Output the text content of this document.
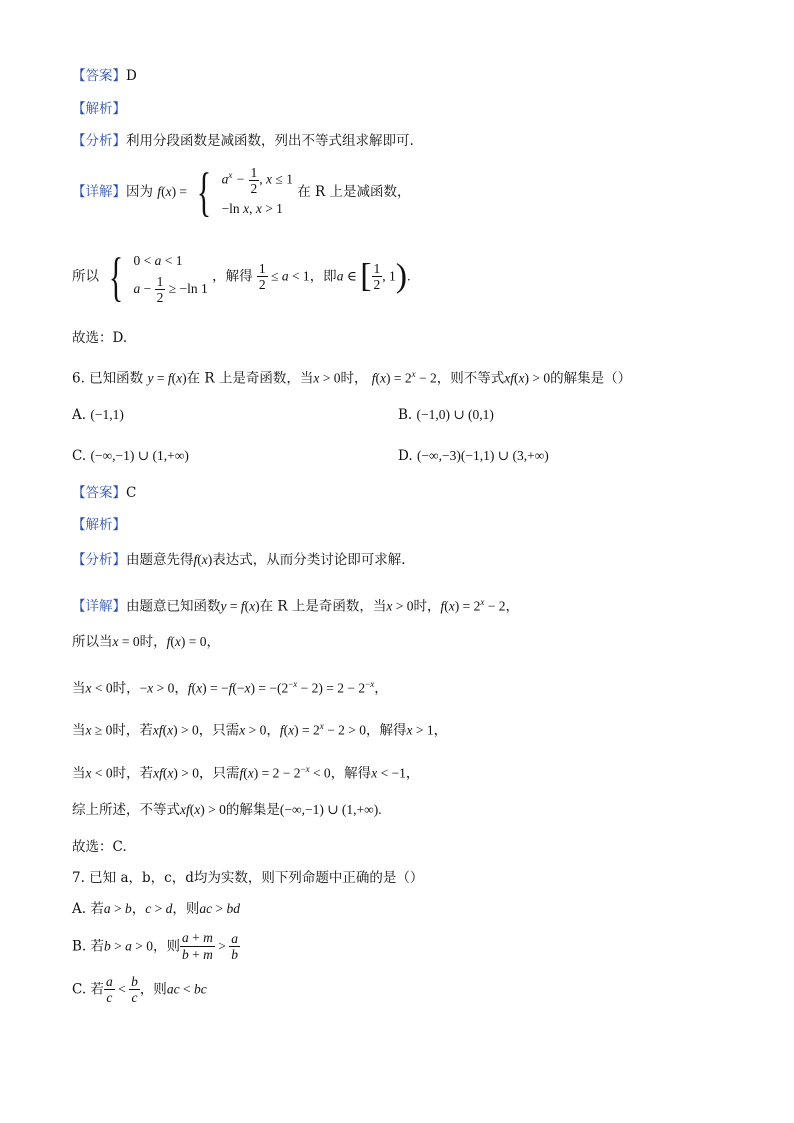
【答案】D
【解析】
【分析】利用分段函数是减函数，列出不等式组求解即可.
【详解】因为 f(x) = { $a^x - \frac{1}{2}$ , x ≤ 1
−ln x, x > 1
在 R 上是减函数，
所以 { 0 < a < 1
$a - \frac{1}{2} \ge -\ln$ 1
，解得 $\frac{1}{2} \le a < 1$，即a ∈ [ $\frac{1}{2}$ , 1).
故选：D.
6. 已知函数 y = f(x)在 R 上是奇函数，当x > 0时， $f(x) = 2^x - 2$，则不等式xf(x) > 0的解集是（）
A. (−1,1)	B. (−1,0) ∪ (0,1)
C. (−∞,−1) ∪ (1,+∞)	D. (−∞,−3)(−1,1) ∪ (3,+∞)
【答案】C
【解析】
【分析】由题意先得f(x)表达式，从而分类讨论即可求解.
【详解】由题意已知函数y = f(x)在 R 上是奇函数，当x > 0时，$f(x) = 2^x - 2$，
所以当x = 0时，f(x) = 0，
当x < 0时，−x > 0，$f(x) = -f(-x) = -(2^{-x} - 2) = 2 - 2^{-x}$，
当x ≥ 0时，若xf(x) > 0，只需x > 0，$f(x) = 2^x - 2 > 0$，解得x > 1，
当x < 0时，若xf(x) > 0，只需$f(x) = 2 - 2^{-x} < 0$，解得x < −1，
综上所述，不等式xf(x) > 0的解集是(−∞,−1) ∪ (1,+∞).
故选：C.
7. 已知 a，b，c，d均为实数，则下列命题中正确的是（）
A. 若a > b，c > d，则ac > bd
B. 若b > a > 0，则 $\frac{a + m}{b + m} > \frac{a}{b}$
C. 若 $\frac{a}{c} < \frac{b}{c}$ ，则ac < bc
